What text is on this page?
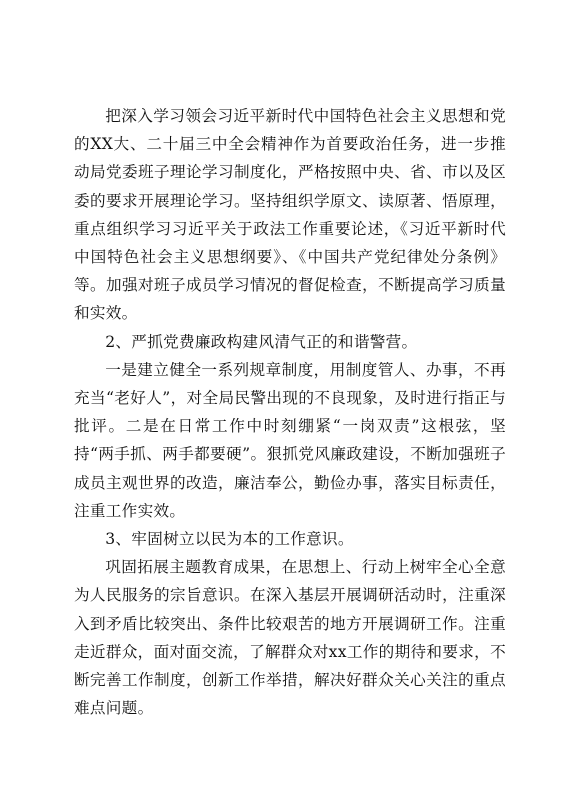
把深入学习领会习近平新时代中国特色社会主义思想和党的XX大、二十届三中全会精神作为首要政治任务，进一步推动局党委班子理论学习制度化，严格按照中央、省、市以及区委的要求开展理论学习。坚持组织学原文、读原著、悟原理，重点组织学习习近平关于政法工作重要论述，《习近平新时代中国特色社会主义思想纲要》、《中国共产党纪律处分条例》等。加强对班子成员学习情况的督促检查，不断提高学习质量和实效。

2、严抓党费廉政构建风清气正的和谐警营。

一是建立健全一系列规章制度，用制度管人、办事，不再充当“老好人”，对全局民警出现的不良现象，及时进行指正与批评。二是在日常工作中时刻绷紧“一岗双责”这根弦，坚持“两手抓、两手都要硬”。狠抓党风廉政建设，不断加强班子成员主观世界的改造，廉洁奉公，勤俭办事，落实目标责任，注重工作实效。

3、牢固树立以民为本的工作意识。

巩固拓展主题教育成果，在思想上、行动上树牢全心全意为人民服务的宗旨意识。在深入基层开展调研活动时，注重深入到矛盾比较突出、条件比较艰苦的地方开展调研工作。注重走近群众，面对面交流，了解群众对xx工作的期待和要求，不断完善工作制度，创新工作举措，解决好群众关心关注的重点难点问题。
